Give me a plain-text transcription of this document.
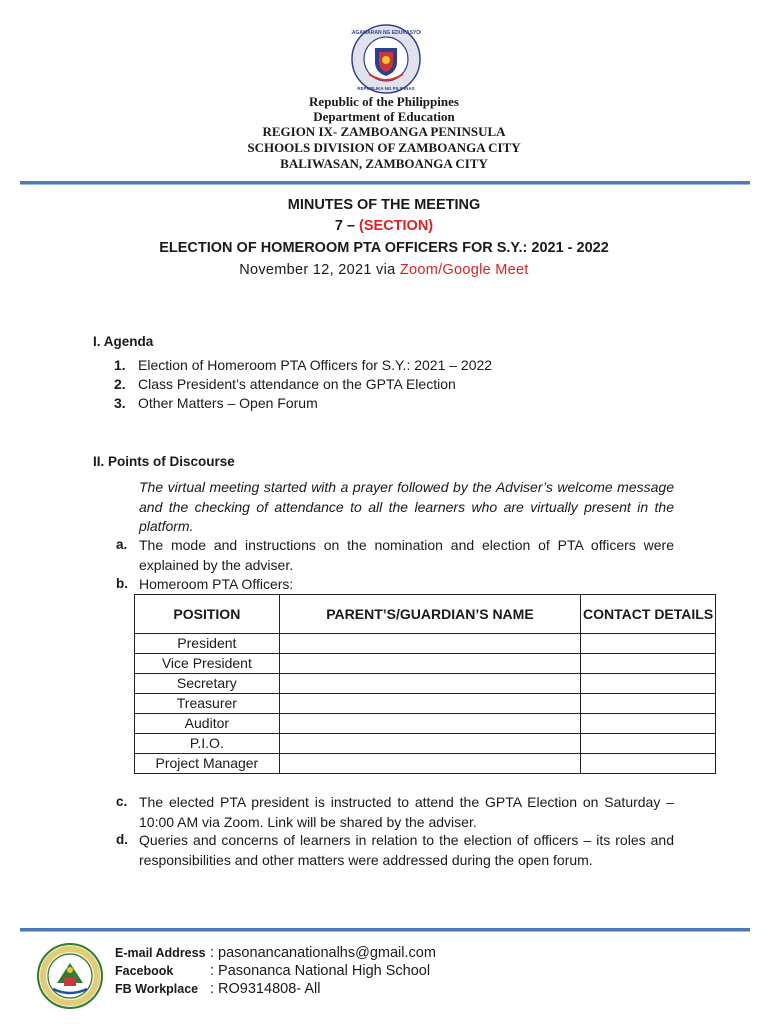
KAGAWARAN NG EDUKASYON
REPUBLIKA NG PILIPINAS
Republic of the Philippines
Department of Education
REGION IX- ZAMBOANGA PENINSULA
SCHOOLS DIVISION OF ZAMBOANGA CITY
BALIWASAN, ZAMBOANGA CITY
MINUTES OF THE MEETING
7 – (SECTION)
ELECTION OF HOMEROOM PTA OFFICERS FOR S.Y.: 2021 - 2022
November 12, 2021 via Zoom/Google Meet
I. Agenda
1. Election of Homeroom PTA Officers for S.Y.: 2021 – 2022
2. Class President’s attendance on the GPTA Election
3. Other Matters – Open Forum
II. Points of Discourse
The virtual meeting started with a prayer followed by the Adviser’s welcome message and the checking of attendance to all the learners who are virtually present in the platform.
a. The mode and instructions on the nomination and election of PTA officers were explained by the adviser.
b. Homeroom PTA Officers:
POSITION	PARENT’S/GUARDIAN’S NAME	CONTACT DETAILS
President		
Vice President		
Secretary		
Treasurer		
Auditor		
P.I.O.		
Project Manager		
c. The elected PTA president is instructed to attend the GPTA Election on Saturday – 10:00 AM via Zoom. Link will be shared by the adviser.
d. Queries and concerns of learners in relation to the election of officers – its roles and responsibilities and other matters were addressed during the open forum.
E-mail Address : pasonancanationalhs@gmail.com
Facebook	: Pasonanca National High School
FB Workplace : RO9314808- All
